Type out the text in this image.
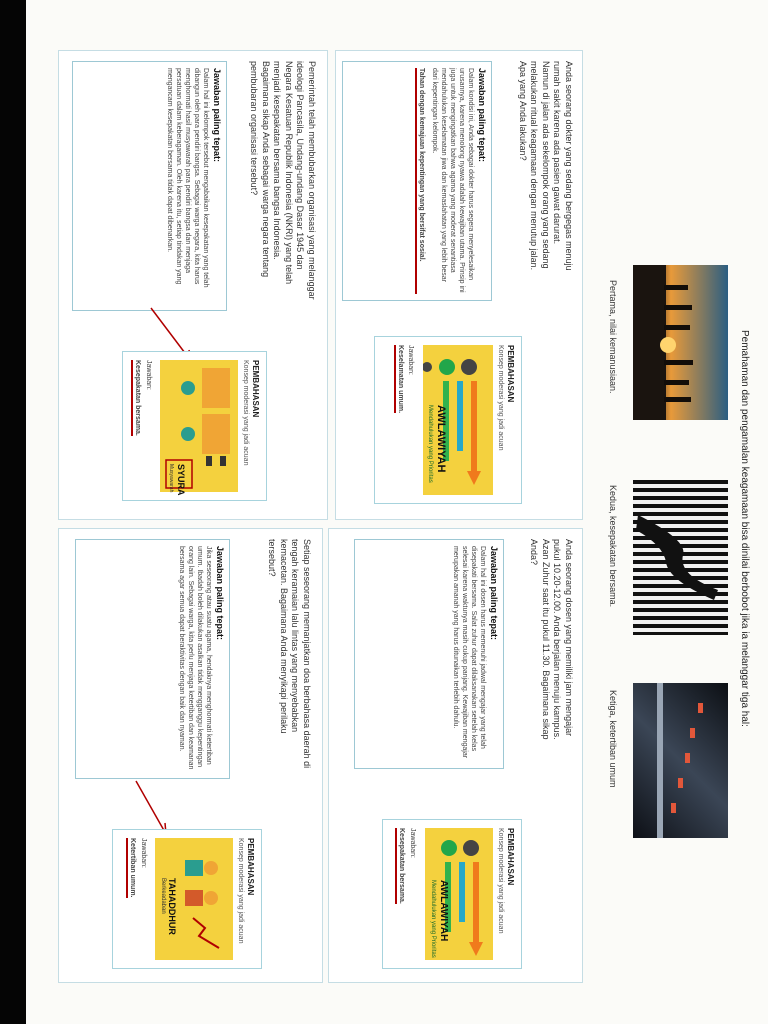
Pemahaman dan pengamalan keagamaan bisa dinilai berbobot jika ia melanggar tiga hal:
Pertama, nilai kemanusiaan.
Kedua, kesepakatan bersama.
Ketiga, ketertiban umum
Anda seorang dokter yang sedang bergegas menuju rumah sakit karena ada pasien gawat darurat. Namun di jalan ada sekelompok orang yang sedang melakukan ritual keagamaan dengan menutup jalan. Apa yang Anda lakukan?
Jawaban paling tepat:
Dalam kondisi ini, Anda sebagai dokter harus segera menyelesaikan urusannya, karena menolong nyawa adalah kewajiban utama. Prinsip ini juga untuk mengingatkan bahwa agama yang moderat senantiasa mendahulukan keselamatan jiwa dan kemaslahatan yang lebih besar dari kepentingan kelompok.
Tahan dengan kemajuan kepentingan yang bersifat sosial.
PEMBAHASAN
Konsep moderasi yang jadi acuan
AWLAWIYAH
Mendahulukan yang Prioritas
Jawaban:
Keselamatan umum.
Pemerintah telah membubarkan organisasi yang melanggar ideologi Pancasila, Undang-undang Dasar 1945 dan Negara Kesatuan Republik Indonesia (NKRI) yang telah menjadi kesepakatan bersama bangsa Indonesia. Bagaimana sikap Anda sebagai warga negara tentang pembubaran organisasi tersebut?
Jawaban paling tepat:
Dalam hal ini kelompok tersebut mengabaikan kesepakatan yang telah dibangun oleh para pendiri bangsa. Sebagai warga negara, kita harus menghormati hasil musyawarah para pendiri bangsa dan menjaga persatuan dalam keberagaman. Oleh karena itu, setiap tindakan yang mengancam kesepakatan bersama tidak dapat dibenarkan.
PEMBAHASAN
Konsep moderasi yang jadi acuan
SYURA
Musyawarah
Jawaban:
Kesepakatan bersama.
Anda seorang dosen yang memiliki jam mengajar pukul 10.20-12.00. Anda berjalan menuju kampus. Azan Zuhur saat itu pukul 11.30. Bagaimana sikap Anda?
Jawaban paling tepat:
Dalam hal ini dosen harus memenuhi jadwal mengajar yang telah disepakati bersama. Salat zuhur dapat dilaksanakan setelah kelas selesai karena waktunya masih cukup panjang. Kewajiban mengajar merupakan amanah yang harus ditunaikan terlebih dahulu.
PEMBAHASAN
Konsep moderasi yang jadi acuan
AWLAWIYAH
Mendahulukan yang Prioritas
Jawaban:
Kesepakatan bersama.
Setiap seseorang memanjatkan doa berbahasa daerah di tengah keramaian lalu lintas yang menyebabkan kemacetan. Bagaimana Anda menyikapi perilaku tersebut?
Jawaban paling tepat:
Jika seseorang atau suatu agama, hendaknya menghormati ketertiban umum. Ibadah boleh dilakukan asalkan tidak mengganggu kepentingan orang lain. Sebagai warga, kita perlu menjaga ketertiban dan keamanan bersama agar semua dapat beraktivitas dengan baik dan nyaman.
PEMBAHASAN
Konsep moderasi yang jadi acuan
TAHADDHUR
Berkeadaban
Jawaban:
Ketertiban umum.
